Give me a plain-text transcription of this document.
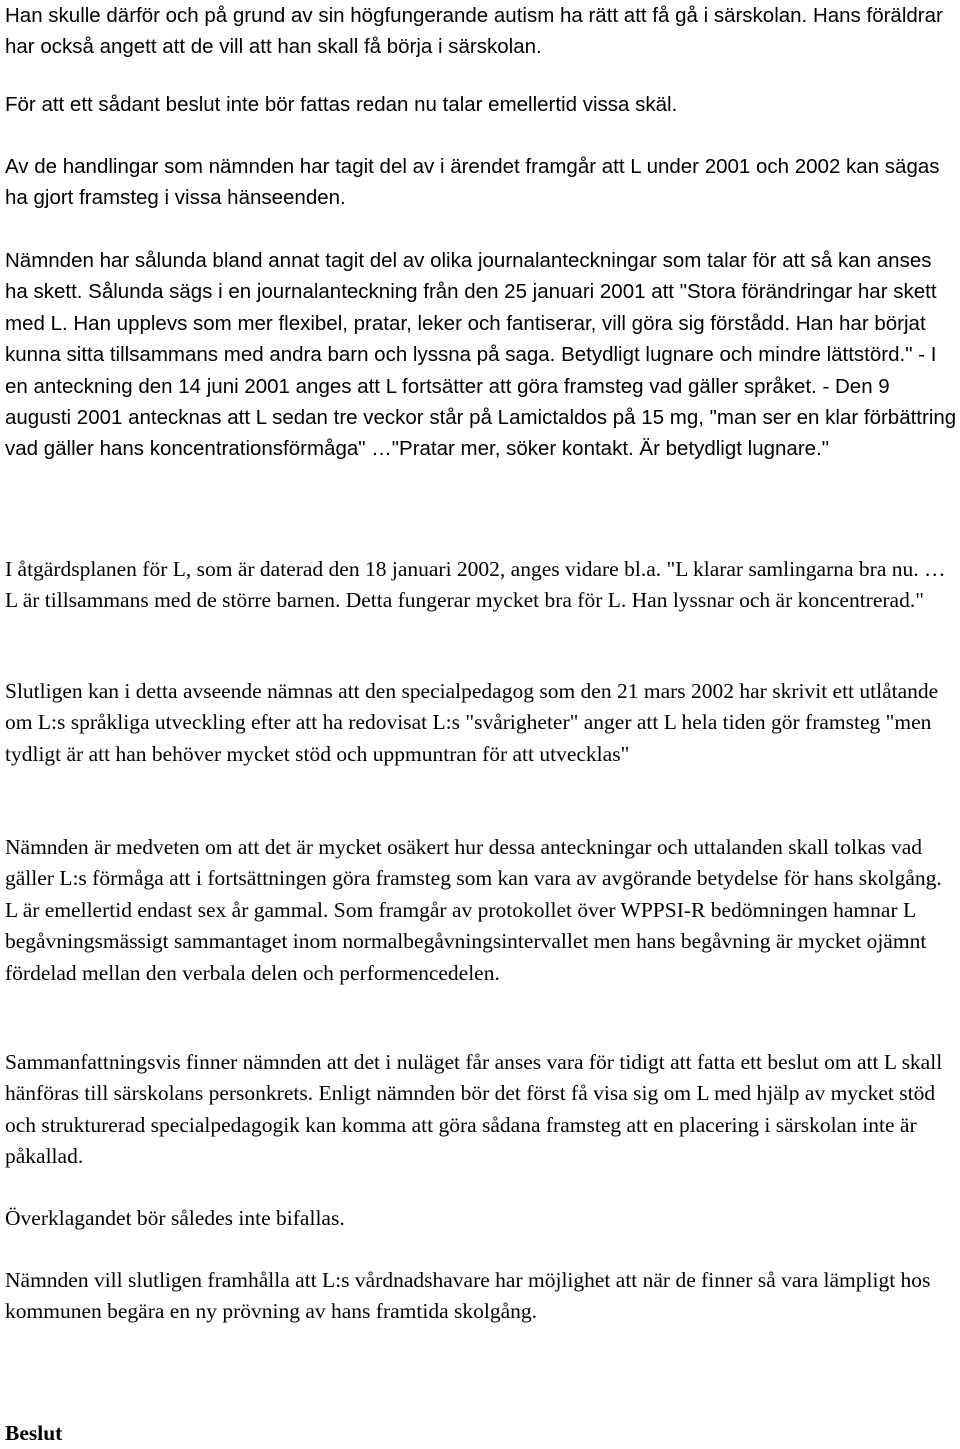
Han skulle därför och på grund av sin högfungerande autism ha rätt att få gå i särskolan. Hans föräldrar har också angett att de vill att han skall få börja i särskolan.

För att ett sådant beslut inte bör fattas redan nu talar emellertid vissa skäl.

Av de handlingar som nämnden har tagit del av i ärendet framgår att L under 2001 och 2002 kan sägas ha gjort framsteg i vissa hänseenden.

Nämnden har sålunda bland annat tagit del av olika journalanteckningar som talar för att så kan anses ha skett. Sålunda sägs i en journalanteckning från den 25 januari 2001 att "Stora förändringar har skett med L. Han upplevs som mer flexibel, pratar, leker och fantiserar, vill göra sig förstådd. Han har börjat kunna sitta tillsammans med andra barn och lyssna på saga. Betydligt lugnare och mindre lättstörd." - I en anteckning den 14 juni 2001 anges att L fortsätter att göra framsteg vad gäller språket. - Den 9 augusti 2001 antecknas att L sedan tre veckor står på Lamictaldos på 15 mg, "man ser en klar förbättring vad gäller hans koncentrationsförmåga" …"Pratar mer, söker kontakt. Är betydligt lugnare."

I åtgärdsplanen för L, som är daterad den 18 januari 2002, anges vidare bl.a. "L klarar samlingarna bra nu. …L är tillsammans med de större barnen. Detta fungerar mycket bra för L. Han lyssnar och är koncentrerad."

Slutligen kan i detta avseende nämnas att den specialpedagog som den 21 mars 2002 har skrivit ett utlåtande om L:s språkliga utveckling efter att ha redovisat L:s "svårigheter" anger att L hela tiden gör framsteg "men tydligt är att han behöver mycket stöd och uppmuntran för att utvecklas"

Nämnden är medveten om att det är mycket osäkert hur dessa anteckningar och uttalanden skall tolkas vad gäller L:s förmåga att i fortsättningen göra framsteg som kan vara av avgörande betydelse för hans skolgång. L är emellertid endast sex år gammal. Som framgår av protokollet över WPPSI-R bedömningen hamnar L begåvningsmässigt sammantaget inom normalbegåvningsintervallet men hans begåvning är mycket ojämnt fördelad mellan den verbala delen och performencedelen.

Sammanfattningsvis finner nämnden att det i nuläget får anses vara för tidigt att fatta ett beslut om att L skall hänföras till särskolans personkrets. Enligt nämnden bör det först få visa sig om L med hjälp av mycket stöd och strukturerad specialpedagogik kan komma att göra sådana framsteg att en placering i särskolan inte är påkallad.

Överklagandet bör således inte bifallas.

Nämnden vill slutligen framhålla att L:s vårdnadshavare har möjlighet att när de finner så vara lämpligt hos kommunen begära en ny prövning av hans framtida skolgång.

Beslut
